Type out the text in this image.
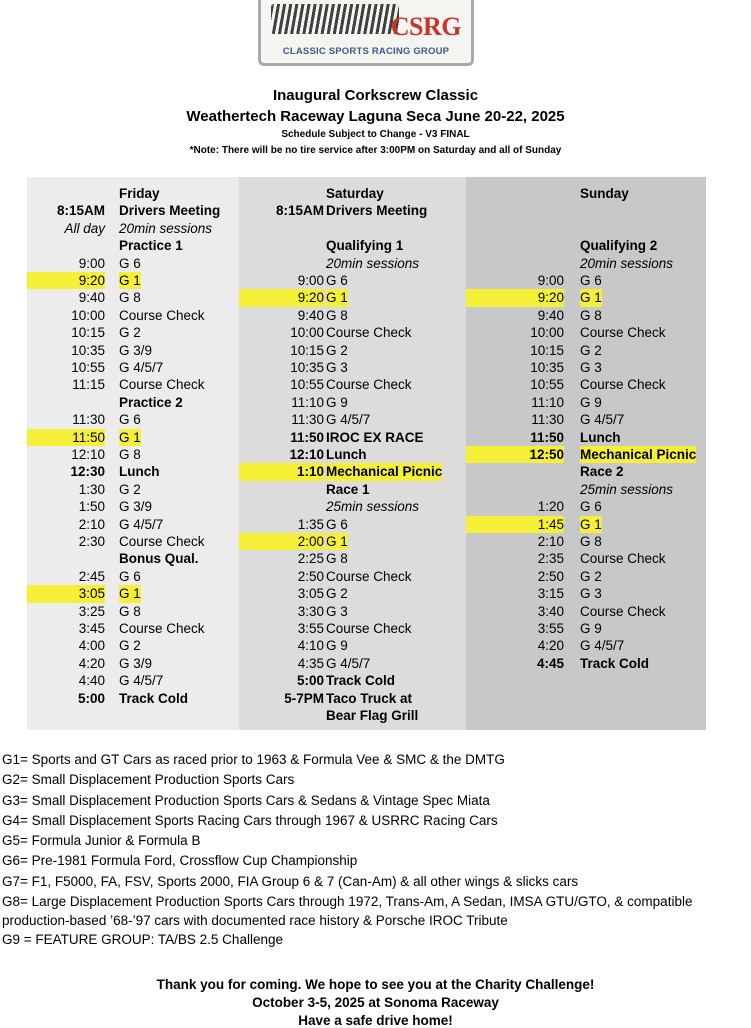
CSRG
CLASSIC SPORTS RACING GROUP
Inaugural Corkscrew Classic
Weathertech Raceway Laguna Seca June 20-22, 2025
Schedule Subject to Change - V3 FINAL
*Note: There will be no tire service after 3:00PM on Saturday and all of Sunday
Friday
8:15AM Drivers Meeting
All day 20min sessions
Practice 1
9:00 G 6
9:20 G 1
9:40 G 8
10:00 Course Check
10:15 G 2
10:35 G 3/9
10:55 G 4/5/7
11:15 Course Check
Practice 2
11:30 G 6
11:50 G 1
12:10 G 8
12:30 Lunch
1:30 G 2
1:50 G 3/9
2:10 G 4/5/7
2:30 Course Check
Bonus Qual.
2:45 G 6
3:05 G 1
3:25 G 8
3:45 Course Check
4:00 G 2
4:20 G 3/9
4:40 G 4/5/7
5:00 Track Cold
Saturday
8:15AM Drivers Meeting
Qualifying 1
20min sessions
9:00 G 6
9:20 G 1
9:40 G 8
10:00 Course Check
10:15 G 2
10:35 G 3
10:55 Course Check
11:10 G 9
11:30 G 4/5/7
11:50 IROC EX RACE
12:10 Lunch
1:10 Mechanical Picnic
Race 1
25min sessions
1:35 G 6
2:00 G 1
2:25 G 8
2:50 Course Check
3:05 G 2
3:30 G 3
3:55 Course Check
4:10 G 9
4:35 G 4/5/7
5:00 Track Cold
5-7PM Taco Truck at
Bear Flag Grill
Sunday
Qualifying 2
20min sessions
9:00 G 6
9:20 G 1
9:40 G 8
10:00 Course Check
10:15 G 2
10:35 G 3
10:55 Course Check
11:10 G 9
11:30 G 4/5/7
11:50 Lunch
12:50 Mechanical Picnic
Race 2
25min sessions
1:20 G 6
1:45 G 1
2:10 G 8
2:35 Course Check
2:50 G 2
3:15 G 3
3:40 Course Check
3:55 G 9
4:20 G 4/5/7
4:45 Track Cold
G1= Sports and GT Cars as raced prior to 1963 & Formula Vee & SMC & the DMTG
G2= Small Displacement Production Sports Cars
G3= Small Displacement Production Sports Cars & Sedans & Vintage Spec Miata
G4= Small Displacement Sports Racing Cars through 1967 & USRRC Racing Cars
G5= Formula Junior & Formula B
G6= Pre-1981 Formula Ford, Crossflow Cup Championship
G7= F1, F5000, FA, FSV, Sports 2000, FIA Group 6 & 7 (Can-Am) & all other wings & slicks cars
G8= Large Displacement Production Sports Cars through 1972, Trans-Am, A Sedan, IMSA GTU/GTO, & compatible production-based ’68-’97 cars with documented race history & Porsche IROC Tribute
G9 = FEATURE GROUP: TA/BS 2.5 Challenge
Thank you for coming. We hope to see you at the Charity Challenge!
October 3-5, 2025 at Sonoma Raceway
Have a safe drive home!
